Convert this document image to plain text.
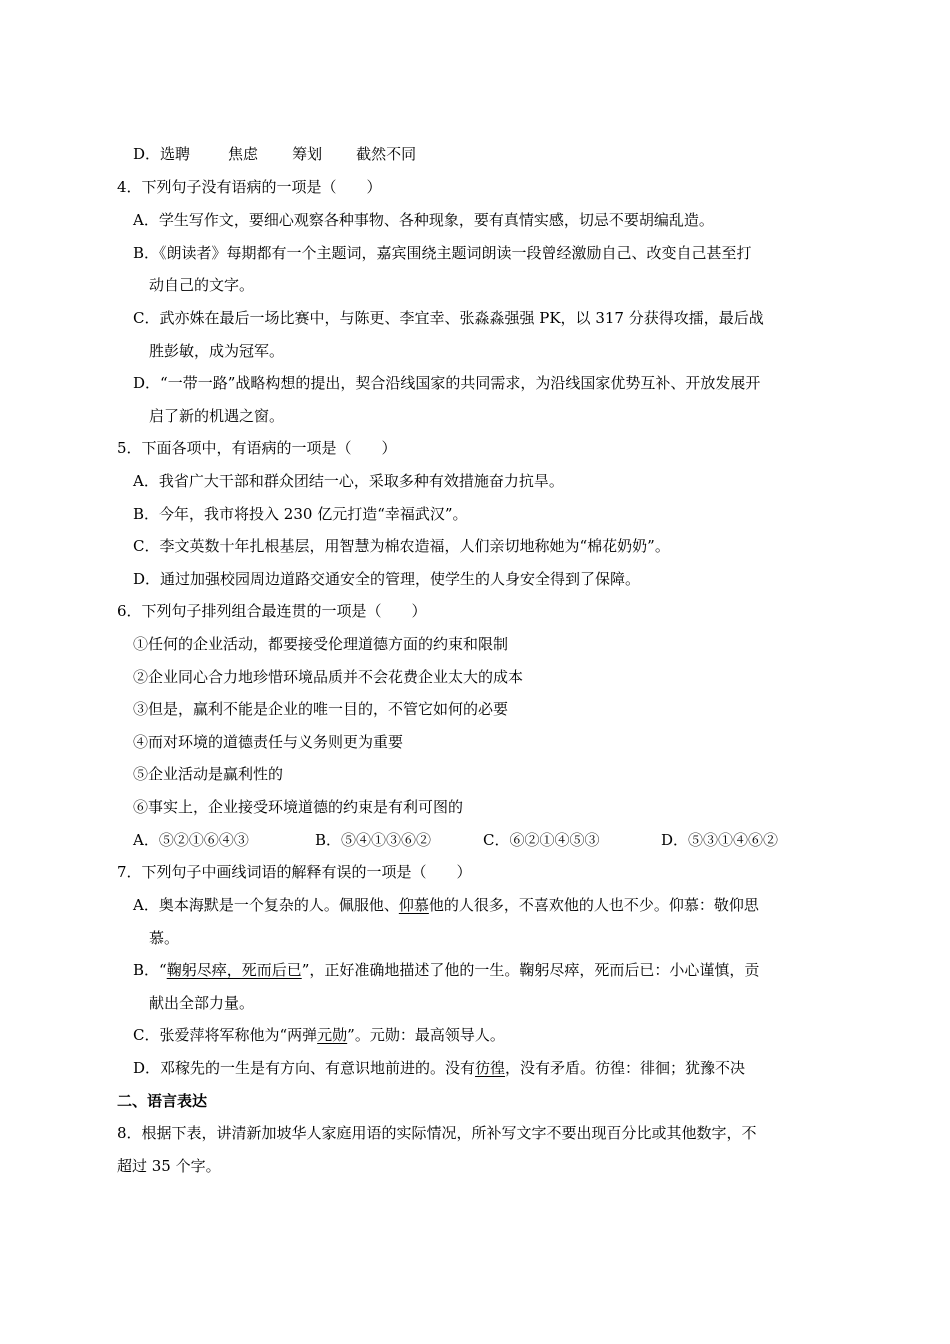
D．选聘	焦虑 筹划 截然不同
4．下列句子没有语病的一项是（　　）
A．学生写作文，要细心观察各种事物、各种现象，要有真情实感，切忌不要胡编乱造。
B．《朗读者》每期都有一个主题词，嘉宾围绕主题词朗读一段曾经激励自己、改变自己甚至打
动自己的文字。
C．武亦姝在最后一场比赛中，与陈更、李宜幸、张淼淼强强 PK，以 317 分获得攻擂，最后战
胜彭敏，成为冠军。
D．“一带一路”战略构想的提出，契合沿线国家的共同需求，为沿线国家优势互补、开放发展开
启了新的机遇之窗。
5．下面各项中，有语病的一项是（　　）
A．我省广大干部和群众团结一心，采取多种有效措施奋力抗旱。
B．今年，我市将投入 230 亿元打造“幸福武汉”。
C．李文英数十年扎根基层，用智慧为棉农造福，人们亲切地称她为“棉花奶奶”。
D．通过加强校园周边道路交通安全的管理，使学生的人身安全得到了保障。
6．下列句子排列组合最连贯的一项是（　　）
①任何的企业活动，都要接受伦理道德方面的约束和限制
②企业同心合力地珍惜环境品质并不会花费企业太大的成本
③但是，赢利不能是企业的唯一目的，不管它如何的必要
④而对环境的道德责任与义务则更为重要
⑤企业活动是赢利性的
⑥事实上，企业接受环境道德的约束是有利可图的
A．⑤②①⑥④③	B．⑤④①③⑥②	C．⑥②①④⑤③	D．⑤③①④⑥②
7．下列句子中画线词语的解释有误的一项是（　　）
A．奥本海默是一个复杂的人。佩服他、仰慕他的人很多，不喜欢他的人也不少。仰慕：敬仰思
慕。
B．“鞠躬尽瘁，死而后已”，正好准确地描述了他的一生。鞠躬尽瘁，死而后已：小心谨慎，贡
献出全部力量。
C．张爱萍将军称他为“两弹元勋”。元勋：最高领导人。
D．邓稼先的一生是有方向、有意识地前进的。没有彷徨，没有矛盾。彷徨：徘徊；犹豫不决
二、语言表达
8．根据下表，讲清新加坡华人家庭用语的实际情况，所补写文字不要出现百分比或其他数字，不
超过 35 个字。
